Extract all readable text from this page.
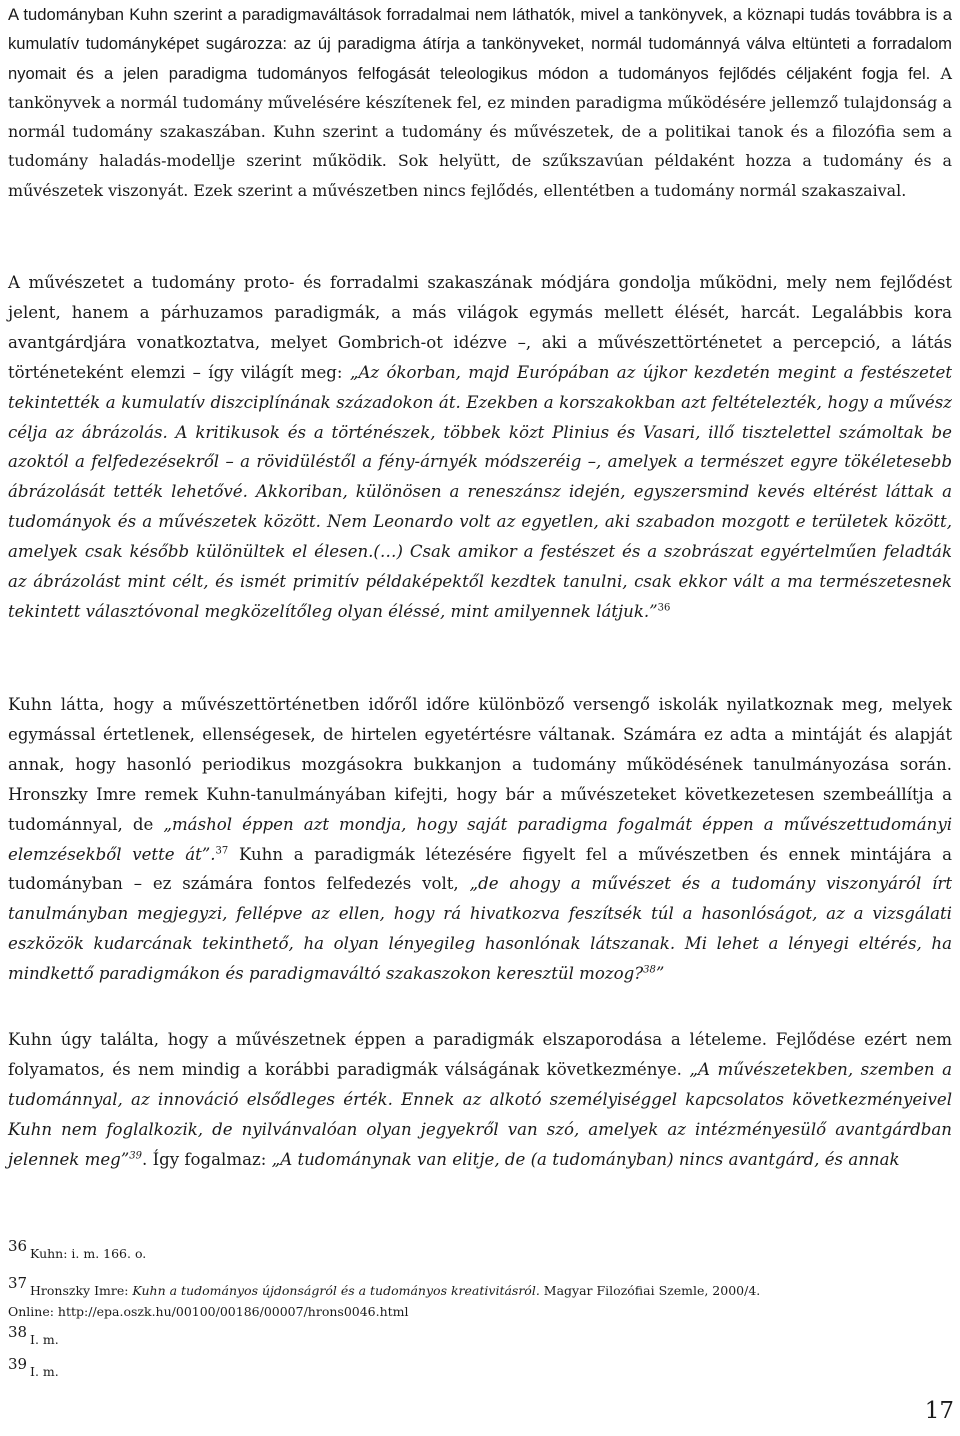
A tudományban Kuhn szerint a paradigmaváltások forradalmai nem láthatók, mivel a tankönyvek, a köznapi tudás továbbra is a kumulatív tudományképet sugározza: az új paradigma átírja a tankönyveket, normál tudománnyá válva eltünteti a forradalom nyomait és a jelen paradigma tudományos felfogását teleologikus módon a tudományos fejlődés céljaként fogja fel. A tankönyvek a normál tudomány művelésére készítenek fel, ez minden paradigma működésére jellemző tulajdonság a normál tudomány szakaszában. Kuhn szerint a tudomány és művészetek, de a politikai tanok és a filozófia sem a tudomány haladás-modellje szerint működik. Sok helyütt, de szűkszavúan példaként hozza a tudomány és a művészetek viszonyát. Ezek szerint a művészetben nincs fejlődés, ellentétben a tudomány normál szakaszaival.

A művészetet a tudomány proto- és forradalmi szakaszának módjára gondolja működni, mely nem fejlődést jelent, hanem a párhuzamos paradigmák, a más világok egymás mellett élését, harcát. Legalábbis kora avantgárdjára vonatkoztatva, melyet Gombrich-ot idézve –, aki a művészettörténetet a percepció, a látás történeteként elemzi – így világít meg: „Az ókorban, majd Európában az újkor kezdetén megint a festészetet tekintették a kumulatív diszciplínának századokon át. Ezekben a korszakokban azt feltételezték, hogy a művész célja az ábrázolás. A kritikusok és a történészek, többek közt Plinius és Vasari, illő tisztelettel számoltak be azoktól a felfedezésekről – a rövidüléstől a fény-árnyék módszeréig –, amelyek a természet egyre tökéletesebb ábrázolását tették lehetővé. Akkoriban, különösen a reneszánsz idején, egyszersmind kevés eltérést láttak a tudományok és a művészetek között. Nem Leonardo volt az egyetlen, aki szabadon mozgott e területek között, amelyek csak később különültek el élesen.(…) Csak amikor a festészet és a szobrászat egyértelműen feladták az ábrázolást mint célt, és ismét primitív példaképektől kezdtek tanulni, csak ekkor vált a ma természetesnek tekintett választóvonal megközelítőleg olyan éléssé, mint amilyennek látjuk.”$^{36}$

Kuhn látta, hogy a művészettörténetben időről időre különböző versengő iskolák nyilatkoznak meg, melyek egymással értetlenek, ellenségesek, de hirtelen egyetértésre váltanak. Számára ez adta a mintáját és alapját annak, hogy hasonló periodikus mozgásokra bukkanjon a tudomány működésének tanulmányozása során. Hronszky Imre remek Kuhn-tanulmányában kifejti, hogy bár a művészeteket következetesen szembeállítja a tudománnyal, de „máshol éppen azt mondja, hogy saját paradigma fogalmát éppen a művészettudományi elemzésekből vette át”.$^{37}$ Kuhn a paradigmák létezésére figyelt fel a művészetben és ennek mintájára a tudományban – ez számára fontos felfedezés volt, „de ahogy a művészet és a tudomány viszonyáról írt tanulmányban megjegyzi, fellépve az ellen, hogy rá hivatkozva feszítsék túl a hasonlóságot, az a vizsgálati eszközök kudarcának tekinthető, ha olyan lényegileg hasonlónak látszanak. Mi lehet a lényegi eltérés, ha mindkettő paradigmákon és paradigmaváltó szakaszokon keresztül mozog?$^{38}$”

Kuhn úgy találta, hogy a művészetnek éppen a paradigmák elszaporodása a lételeme. Fejlődése ezért nem folyamatos, és nem mindig a korábbi paradigmák válságának következménye. „A művészetekben, szemben a tudománnyal, az innováció elsődleges érték. Ennek az alkotó személyiséggel kapcsolatos következményeivel Kuhn nem foglalkozik, de nyilvánvalóan olyan jegyekről van szó, amelyek az intézményesülő avantgárdban jelennek meg”$^{39}$. Így fogalmaz: „A tudománynak van elitje, de (a tudományban) nincs avantgárd, és annak

36 Kuhn: i. m. 166. o.
37 Hronszky Imre: Kuhn a tudományos újdonságról és a tudományos kreativitásról. Magyar Filozófiai Szemle, 2000/4.
Online: http://epa.oszk.hu/00100/00186/00007/hrons0046.html
38 I. m.
39 I. m.
17
